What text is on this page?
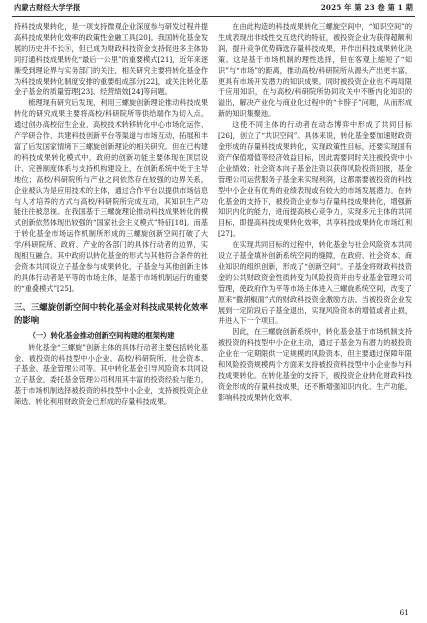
内蒙古财经大学学报	2025 年 第 23 卷 第 1 期

持科技成果转化，是一项支持微观企业深度参与研发过程并提高科技成果转化效率的政策性金融工具[20]。我国转化基金发展的历史并不长⑧，但已成为财政科技资金支持促进多主体协同打通科技成果转化“最后一公里”的重要模式[21]，近年来逐渐受到理论界与实务部门的关注，相关研究主要将转化基金作为科技成果转化制度安排的重要组成部分[22]，或关注转化基金子基金的质量管理[23]、经营绩效[24]等问题。

梳理现有研究后发现，利用三螺旋创新理论推动科技成果转化的研究成果主要将高校/科研院所等供给端作为切入点。通过创办高校衍生企业、高校技术转移转化中心市场化运作、产学研合作、共建科技创新平台等渠道与市场互动，拓展和丰富了后发国家情境下三螺旋创新理论的相关研究。但在已构建的科技成果转化模式中，政府的创新功能主要体现在顶层设计、完善制度体系与支持机构建设上，在创新系统中处于主导地位；高校/科研院所与产业之间依然存在较强的边界关系，企业被认为是应用技术的主体，通过合作平台以提供市场信息与人才培养的方式与高校/科研院所完成互动，其知识生产功能往往被忽视。在我国基于三螺旋理论推动科技成果转化的模式创新依然体现出较强的“国家社会主义模式”特征[18]。而基于转化基金市场运作机制所形成的三螺旋创新空间打破了大学/科研院所、政府、产业的各部门的具体行动者的边界，实现相互融合。其中政府以转化基金的形式与其他符合条件的社会资本共同设立子基金参与成果转化，子基金与其他创新主体的具体行动者是平等的市场主体，是基于市场机制运行的重要的“重叠模式”[25]。

三、三螺旋创新空间中转化基金对科技成果转化效率的影响
（一）转化基金推动创新空间构建的框架构建

转化基金“三螺旋”创新主体的具体行动者主要包括转化基金、被投资的科技型中小企业、高校/科研院所、社会资本、子基金、基金管理公司等。其中转化基金引导风险资本共同设立子基金，委托基金管理公司利用其丰富的投资经验与能力，基于市场机制选择被投资的科技型中小企业，支持被投资企业筛选、转化利用财政资金已形成的存量科技成果。

在由此构造的科技成果转化三螺旋空间中，“知识空间”的生成表现出非线性交互迭代的特征，被投资企业为获得超额利润，提升竞争优势筛选存量科技成果，并作出科技成果转化决策。这是基于市场机制的理性选择，但在客观上缩短了“知识”与“市场”的距离，推动高校/科研院所从源头产出更丰富，更具有市场开发潜力的知识成果。同时被投资企业也不再局限于应用知识，在与高校/科研院所协同攻关中不断内化知识的溢出，解决产业化与商业化过程中的“卡脖子”问题，从而形成新的知识集聚池。

这使不同主体的行动者在动态博弈中形成了共同目标[26]，创立了“共识空间”。具体来说，转化基金要加速财政资金形成的存量科技成果转化，实现政策性目标，还要实现国有资产保值增值等经济效益目标，因此需要同时关注被投资中小企业绩效；社会资本向子基金注资以获得风险投资回报，基金管理公司运营服务子基金来实现利润，这都需要被投资的科技型中小企业有优秀的业绩表现或有较大的市场发展潜力。在转化基金的支持下，被投资企业参与存量科技成果转化，增强新知识内化的能力，进而提高核心竞争力，实现多元主体的共同目标，即提高科技成果转化效率，共享科技成果转化市场红利[27]。

在实现共同目标的过程中，转化基金与社会风险资本共同设立子基金填补创新系统空间的缝隙，在政府、社会资本、商业知识的组织创新，形成了“创新空间”。子基金将财政科技资金的公共财政资金性质转变为风险投资并由专业基金管理公司管理，使政府作为平等市场主体进入三螺旋系统空间，改变了原来“撒胡椒面”式的财政科技资金激励方法。当被投资企业发展到一定阶段后子基金退出，实现风险资本的增值或者止损，并进入下一个项目。

因此，在三螺旋创新系统中，转化基金基于市场机制支持被投资的科技型中小企业主动，通过子基金为有潜力的被投资企业在一定期限供一定规模的风险资本，但主要通过保障年限和风险投资规模两个方面来支持被投资科技型中小企业参与科技成果转化。在转化基金的支持下，被投资企业转化财政科技资金形成的存量科技成果，还不断增强知识内化、生产功能，影响科技成果转化效率。

61
